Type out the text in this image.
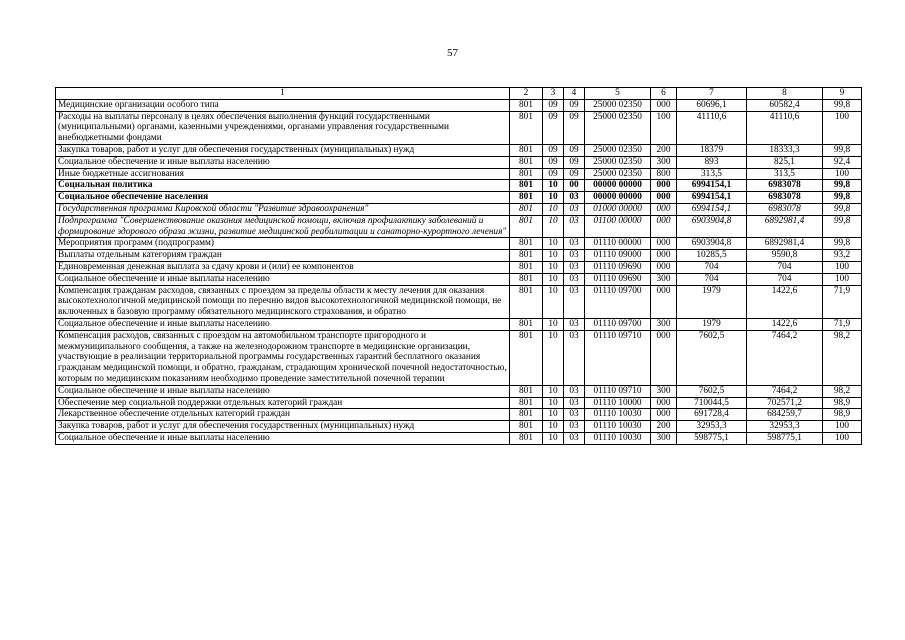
57
1	2	3	4	5	6	7	8	9
Медицинские организации особого типа	801	09	09	25000 02350	000	60696,1	60582,4	99,8
Расходы на выплаты персоналу в целях обеспечения выполнения функций государственными (муниципальными) органами, казенными учреждениями, органами управления государственными внебюджетными фондами	801	09	09	25000 02350	100	41110,6	41110,6	100
Закупка товаров, работ и услуг для обеспечения государственных (муниципальных) нужд	801	09	09	25000 02350	200	18379	18333,3	99,8
Социальное обеспечение и иные выплаты населению	801	09	09	25000 02350	300	893	825,1	92,4
Иные бюджетные ассигнования	801	09	09	25000 02350	800	313,5	313,5	100
Социальная политика	801	10	00	00000 00000	000	6994154,1	6983078	99,8
Социальное обеспечение населения	801	10	03	00000 00000	000	6994154,1	6983078	99,8
Государственная программа Кировской области "Развитие здравоохранения"	801	10	03	01000 00000	000	6994154,1	6983078	99,8
Подпрограмма "Совершенствование оказания медицинской помощи, включая профилактику заболеваний и формирование здорового образа жизни, развитие медицинской реабилитации и санаторно-курортного лечения"	801	10	03	01100 00000	000	6903904,8	6892981,4	99,8
Мероприятия программ (подпрограмм)	801	10	03	01110 00000	000	6903904,8	6892981,4	99,8
Выплаты отдельным категориям граждан	801	10	03	01110 09000	000	10285,5	9590,8	93,2
Единовременная денежная выплата за сдачу крови и (или) ее компонентов	801	10	03	01110 09690	000	704	704	100
Социальное обеспечение и иные выплаты населению	801	10	03	01110 09690	300	704	704	100
Компенсация гражданам расходов, связанных с проездом за пределы области к месту лечения для оказания высокотехнологичной медицинской помощи по перечню видов высокотехнологичной медицинской помощи, не включенных в базовую программу обязательного медицинского страхования, и обратно	801	10	03	01110 09700	000	1979	1422,6	71,9
Социальное обеспечение и иные выплаты населению	801	10	03	01110 09700	300	1979	1422,6	71,9
Компенсация расходов, связанных с проездом на автомобильном транспорте пригородного и межмуниципального сообщения, а также на железнодорожном транспорте в медицинские организации, участвующие в реализации территориальной программы государственных гарантий бесплатного оказания гражданам медицинской помощи, и обратно, гражданам, страдающим хронической почечной недостаточностью, которым по медицинским показаниям необходимо проведение заместительной почечной терапии	801	10	03	01110 09710	000	7602,5	7464,2	98,2
Социальное обеспечение и иные выплаты населению	801	10	03	01110 09710	300	7602,5	7464,2	98,2
Обеспечение мер социальной поддержки отдельных категорий граждан	801	10	03	01110 10000	000	710044,5	702571,2	98,9
Лекарственное обеспечение отдельных категорий граждан	801	10	03	01110 10030	000	691728,4	684259,7	98,9
Закупка товаров, работ и услуг для обеспечения государственных (муниципальных) нужд	801	10	03	01110 10030	200	32953,3	32953,3	100
Социальное обеспечение и иные выплаты населению	801	10	03	01110 10030	300	598775,1	598775,1	100
